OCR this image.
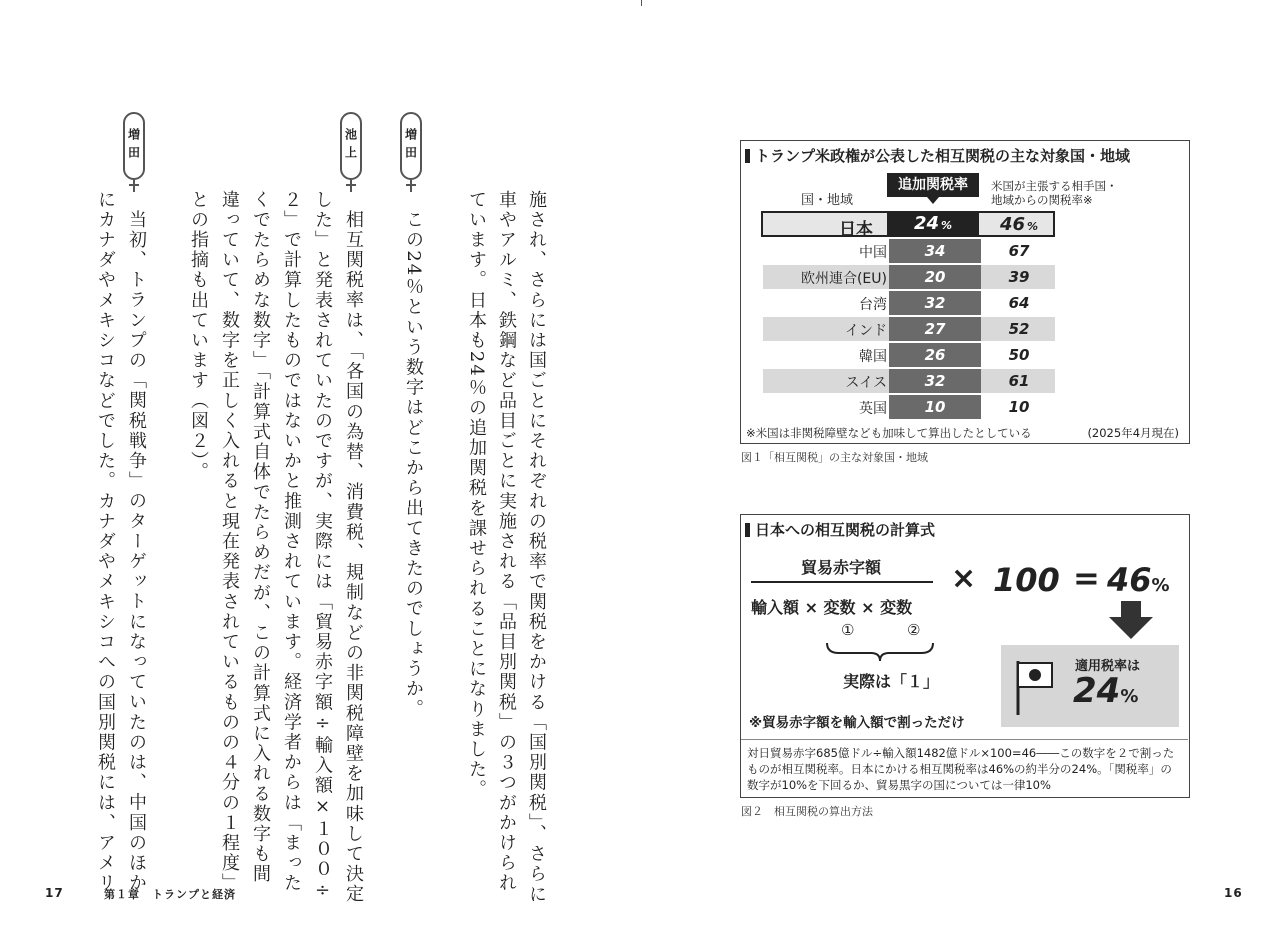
施され、さらには国ごとにそれぞれの税率で関税をかける「国別関税」、さらに
車やアルミ、鉄鋼など品目ごとに実施される「品目別関税」の３つがかけられ
ています。日本も24％の追加関税を課せられることになりました。
この24％という数字はどこから出てきたのでしょうか。
相互関税率は、「各国の為替、消費税、規制などの非関税障壁を加味して決定
した」と発表されていたのですが、実際には「貿易赤字額÷輸入額×１００÷
２」で計算したものではないかと推測されています。経済学者からは「まった
くでたらめな数字」「計算式自体でたらめだが、この計算式に入れる数字も間
違っていて、数字を正しく入れると現在発表されているものの４分の１程度」
との指摘も出ています（図２）。
当初、トランプの「関税戦争」のターゲットになっていたのは、中国のほか
にカナダやメキシコなどでした。カナダやメキシコへの国別関税には、アメリ
増田
池上
増田
17	第１章　トランプと経済	16
トランプ米政権が公表した相互関税の主な対象国・地域
国・地域
追加関税率	米国が主張する相手国・
地域からの関税率※
日本	24 %	46 %
中国	34	67
欧州連合(EU)	20	39
台湾	32	64
インド	27	52
韓国	26	50
スイス	32	61
英国	10	10
※米国は非関税障壁なども加味して算出したとしている	(2025年4月現在)
図１「相互関税」の主な対象国・地域
日本への相互関税の計算式
貿易赤字額
輸入額 × 変数 × 変数
①	②
実際は「１」
× 100 = 46%
適用税率は
24%
※貿易赤字額を輸入額で割っただけ
対日貿易赤字685億ドル÷輸入額1482億ドル×100=46――この数字を２で割ったものが相互関税率。日本にかける相互関税率は46%の約半分の24%。「関税率」の数字が10%を下回るか、貿易黒字の国については一律10%
図２　相互関税の算出方法
